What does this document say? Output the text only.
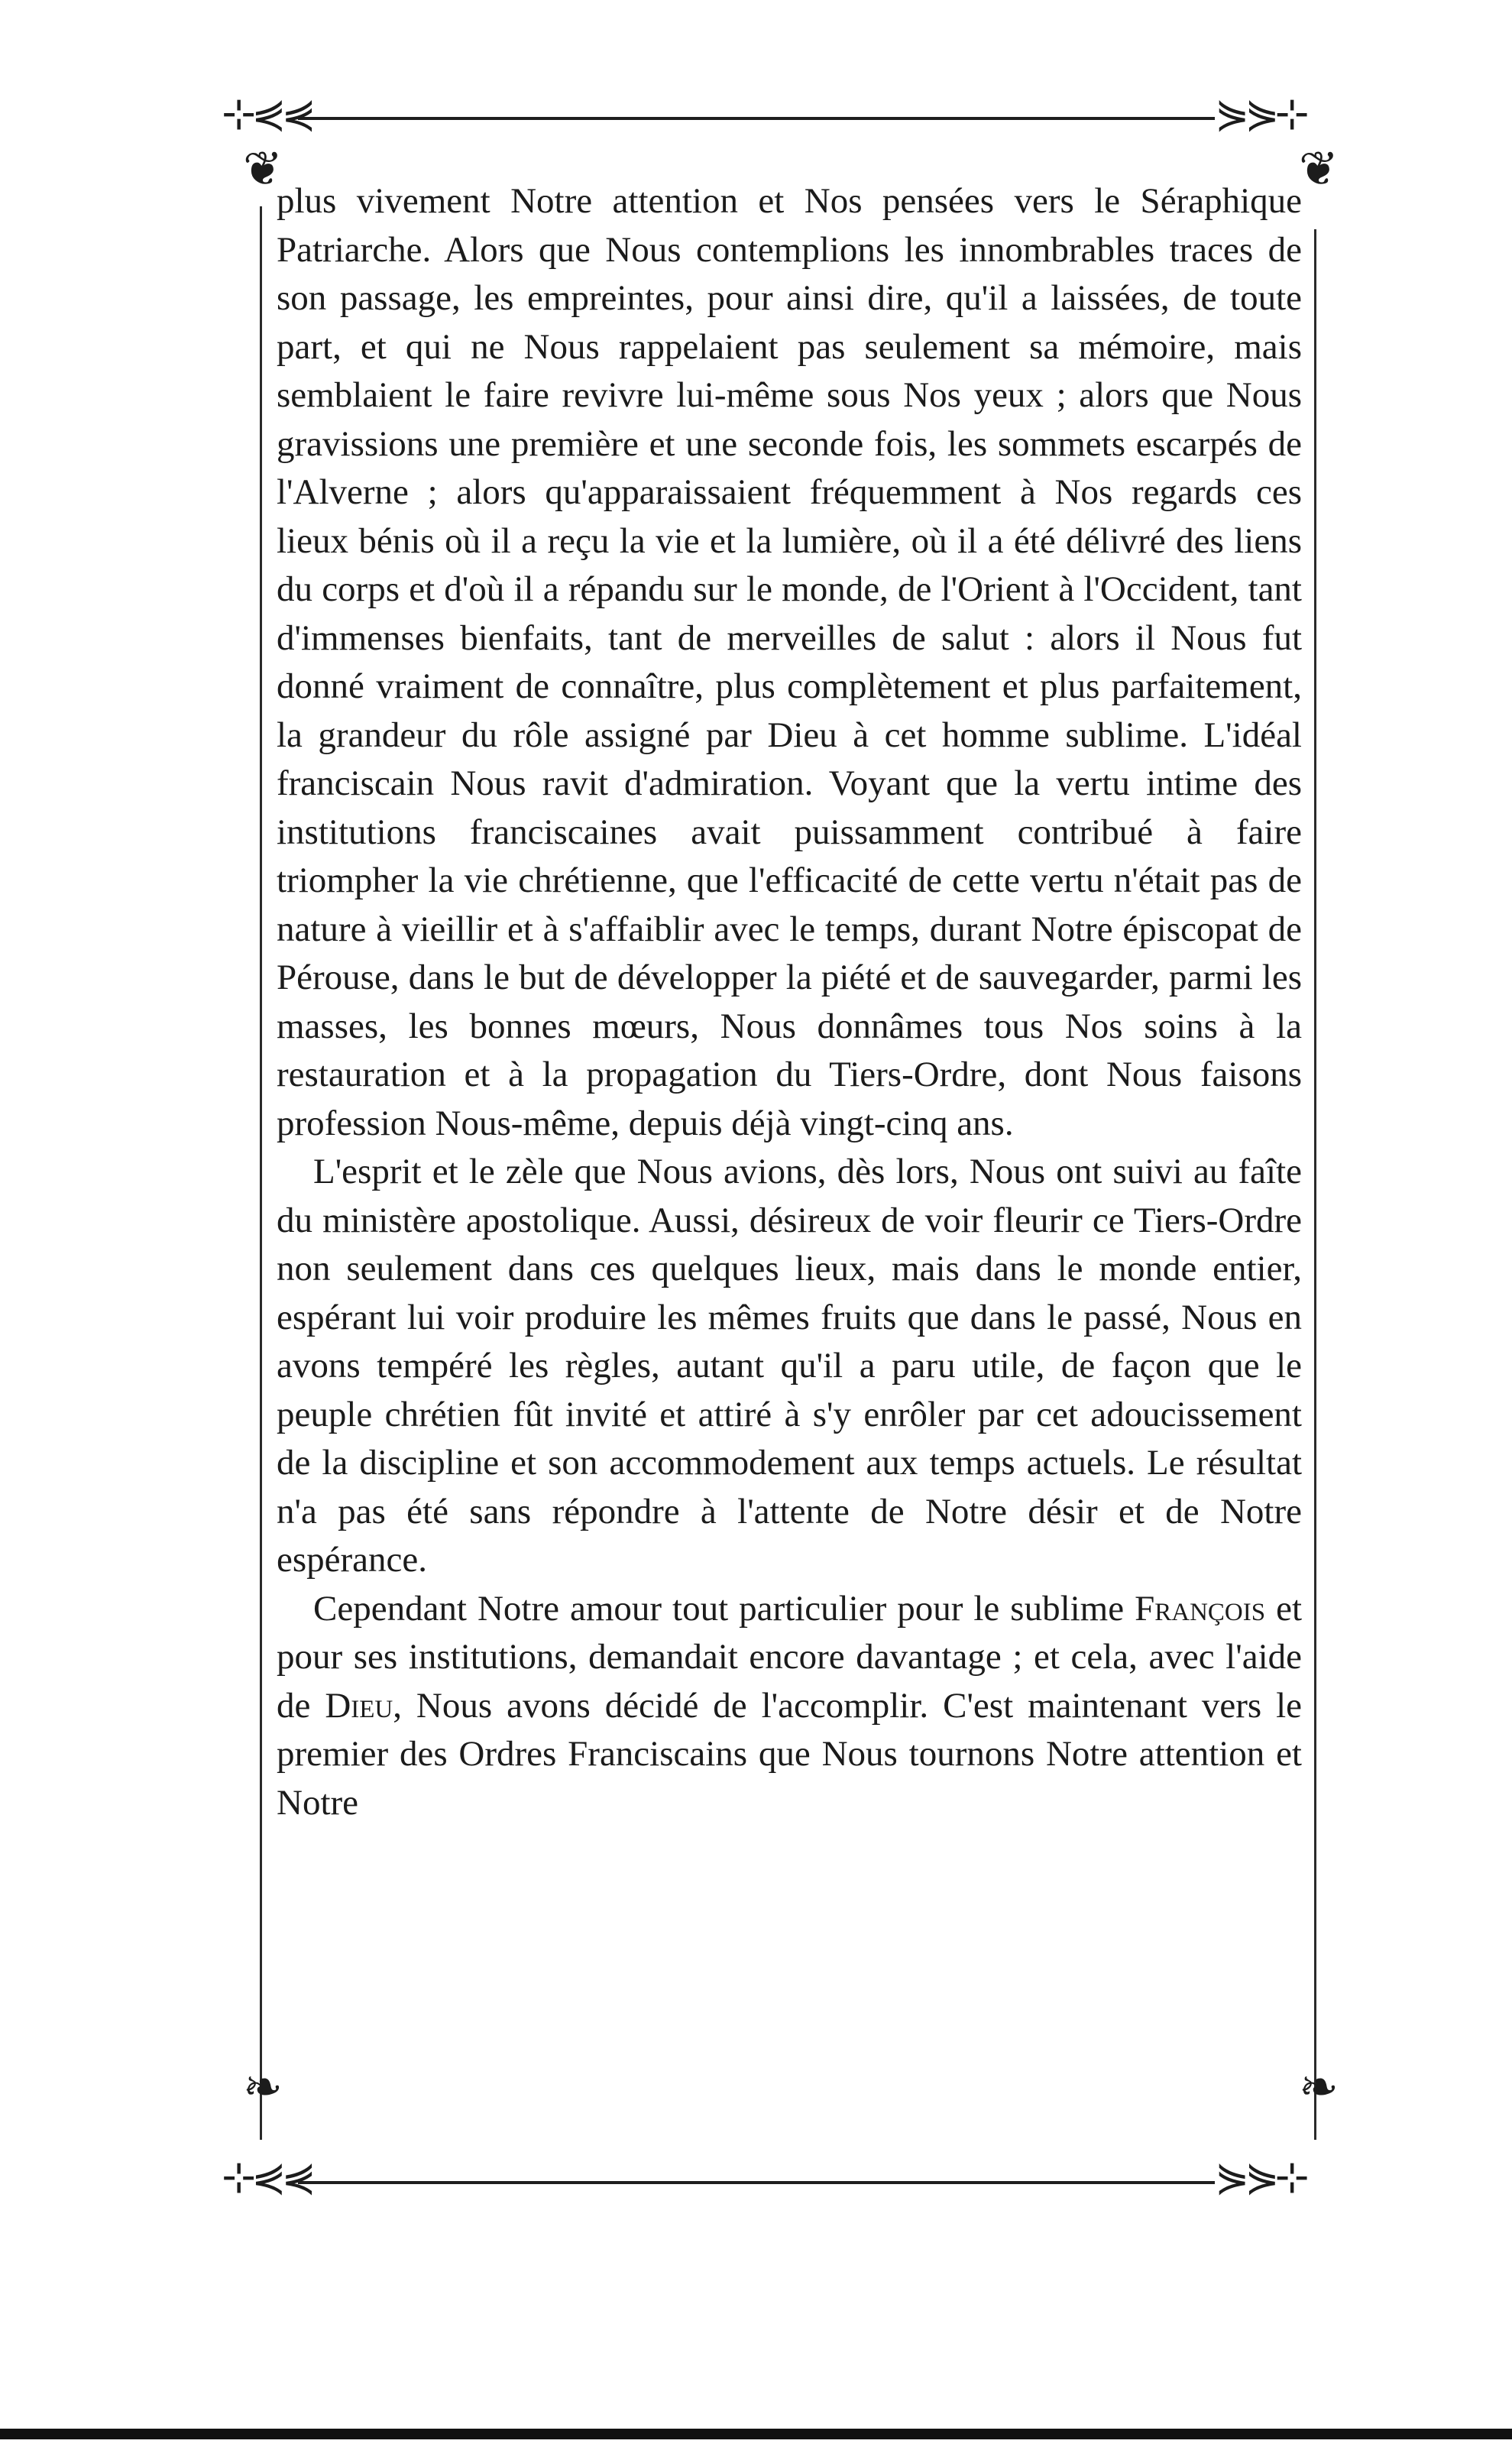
⊹⋞⋞	⋟⋟⊹
⊹⋞⋞	⋟⋟⊹
❦	❦
❧	❧

plus vivement Notre attention et Nos pensées vers le Séraphique Patriarche. Alors que Nous contemplions les innombrables traces de son passage, les empreintes, pour ainsi dire, qu'il a laissées, de toute part, et qui ne Nous rappelaient pas seulement sa mémoire, mais semblaient le faire revivre lui-même sous Nos yeux ; alors que Nous gravissions une première et une seconde fois, les sommets escarpés de l'Alverne ; alors qu'apparaissaient fréquemment à Nos regards ces lieux bénis où il a reçu la vie et la lumière, où il a été délivré des liens du corps et d'où il a répandu sur le monde, de l'Orient à l'Occident, tant d'immenses bienfaits, tant de merveilles de salut : alors il Nous fut donné vraiment de connaître, plus complètement et plus parfaitement, la grandeur du rôle assigné par Dieu à cet homme sublime. L'idéal franciscain Nous ravit d'admiration. Voyant que la vertu intime des institutions franciscaines avait puissamment contribué à faire triompher la vie chrétienne, que l'efficacité de cette vertu n'était pas de nature à vieillir et à s'affaiblir avec le temps, durant Notre épiscopat de Pérouse, dans le but de développer la piété et de sauvegarder, parmi les masses, les bonnes mœurs, Nous donnâmes tous Nos soins à la restauration et à la propagation du Tiers-Ordre, dont Nous faisons profession Nous-même, depuis déjà vingt-cinq ans.

L'esprit et le zèle que Nous avions, dès lors, Nous ont suivi au faîte du ministère apostolique. Aussi, désireux de voir fleurir ce Tiers-Ordre non seulement dans ces quelques lieux, mais dans le monde entier, espérant lui voir produire les mêmes fruits que dans le passé, Nous en avons tempéré les règles, autant qu'il a paru utile, de façon que le peuple chrétien fût invité et attiré à s'y enrôler par cet adoucissement de la discipline et son accommodement aux temps actuels. Le résultat n'a pas été sans répondre à l'attente de Notre désir et de Notre espérance.

Cependant Notre amour tout particulier pour le sublime François et pour ses institutions, demandait encore davantage ; et cela, avec l'aide de Dieu, Nous avons décidé de l'accomplir. C'est maintenant vers le premier des Ordres Franciscains que Nous tournons Notre attention et Notre
